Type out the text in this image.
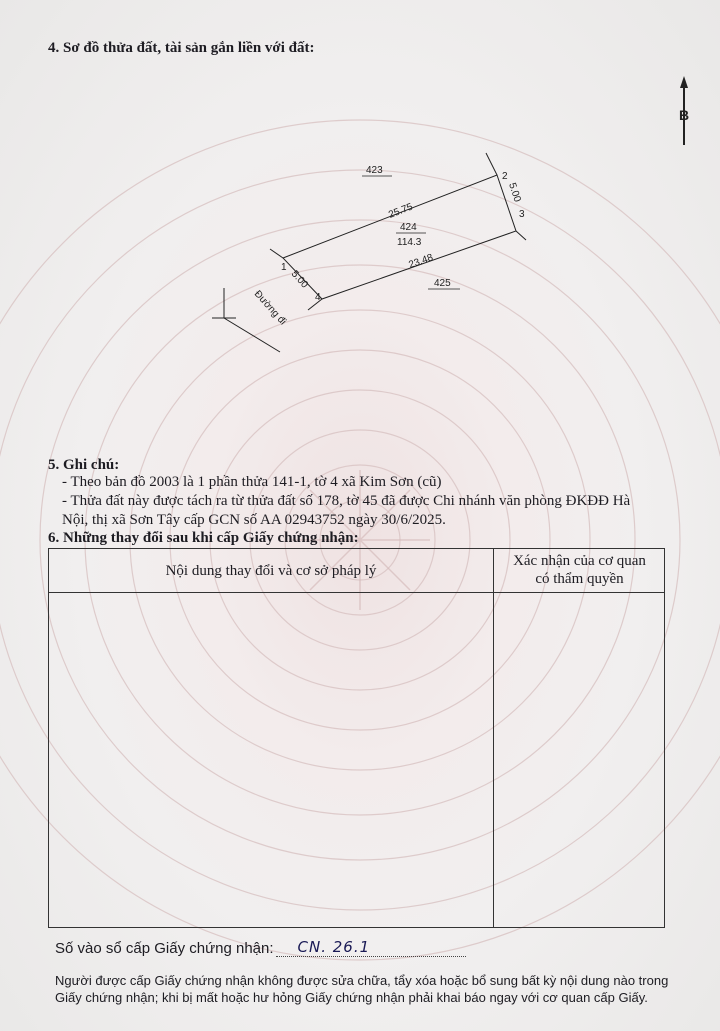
4. Sơ đồ thửa đất, tài sản gắn liền với đất:
B
423
425
424
114.3
25.75
23.48
5.00
5.00
1
2
3
4
Đường đi
5. Ghi chú:
- Theo bản đồ 2003 là 1 phần thửa 141-1, tờ 4 xã Kim Sơn (cũ)
- Thửa đất này được tách ra từ thửa đất số 178, tờ 45 đã được Chi nhánh văn phòng ĐKĐĐ Hà
Nội, thị xã Sơn Tây cấp GCN số AA 02943752 ngày 30/6/2025.
6. Những thay đổi sau khi cấp Giấy chứng nhận:
Nội dung thay đổi và cơ sở pháp lý
Xác nhận của cơ quan
có thẩm quyền
Số vào sổ cấp Giấy chứng nhận: CN. 26.1
Người được cấp Giấy chứng nhận không được sửa chữa, tẩy xóa hoặc bổ sung bất kỳ nội dung nào trong
Giấy chứng nhận; khi bị mất hoặc hư hỏng Giấy chứng nhận phải khai báo ngay với cơ quan cấp Giấy.
